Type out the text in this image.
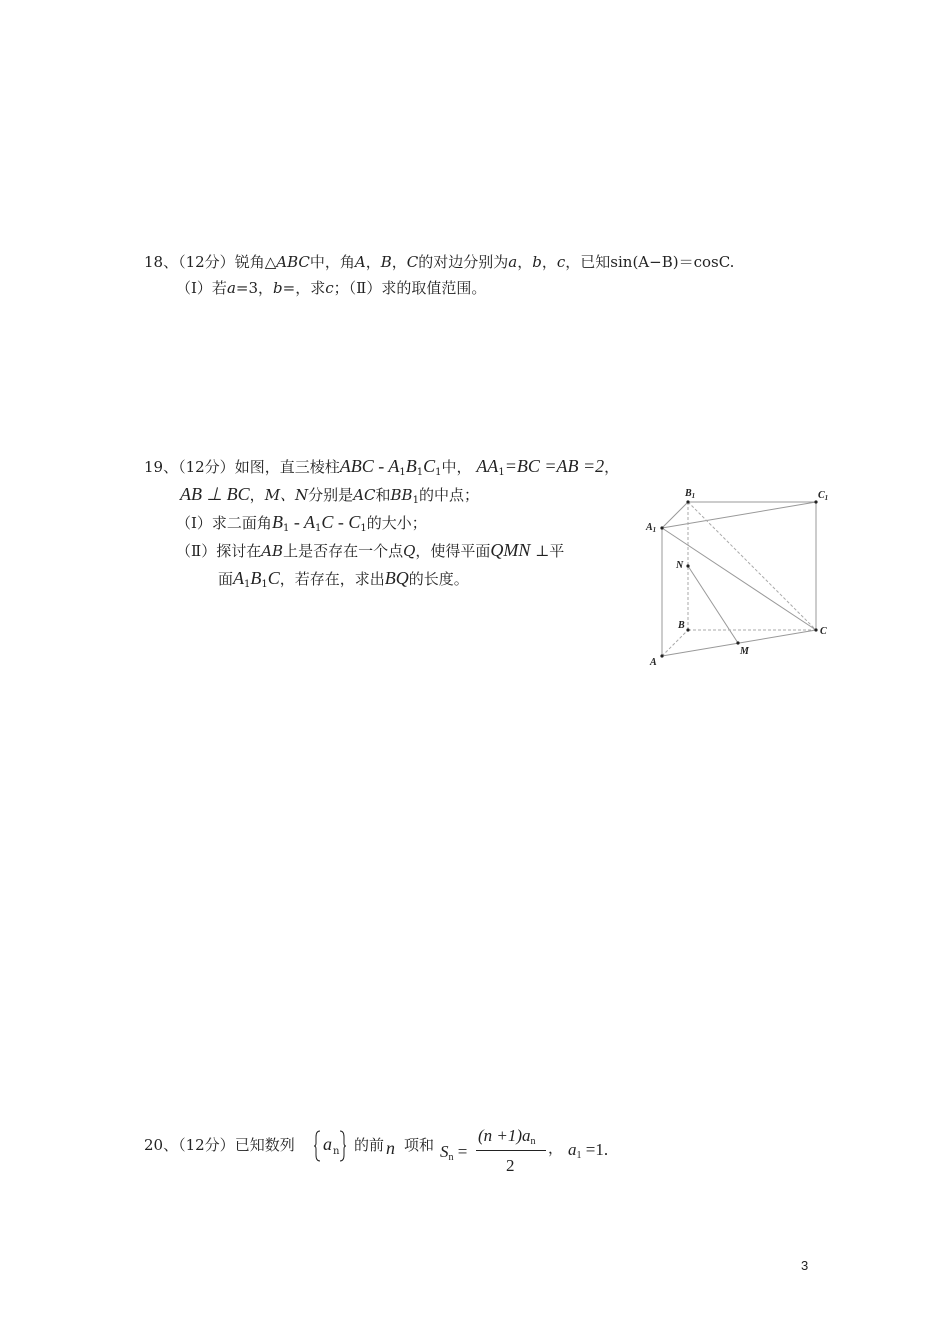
18、（12分）锐角△ABC中，角A，B，C的对边分别为a，b，c，已知sin(A−B)＝cosC.
（Ⅰ）若a=3，b=，求c；（Ⅱ）求的取值范围。
19、（12分）如图，直三棱柱ABC - $A_1B_1C_1$中， $AA_1=BC =AB =2$，
AB ⊥ BC，M、N分别是AC和$BB_1$的中点；
（Ⅰ）求二面角$B_1 - A_1C - C_1$的大小；
（Ⅱ）探讨在AB上是否存在一个点Q，使得平面QMN ⊥平
面$A_1B_1C$，若存在，求出BQ的长度。
$B_1$	$C_1$
$A_1$
N
B
C
M
A
20、（12分）已知数列 a n 的前 n 项和 $S_n$ =
$(n +1)a_n$
2
， $a_1 =1$.
3
